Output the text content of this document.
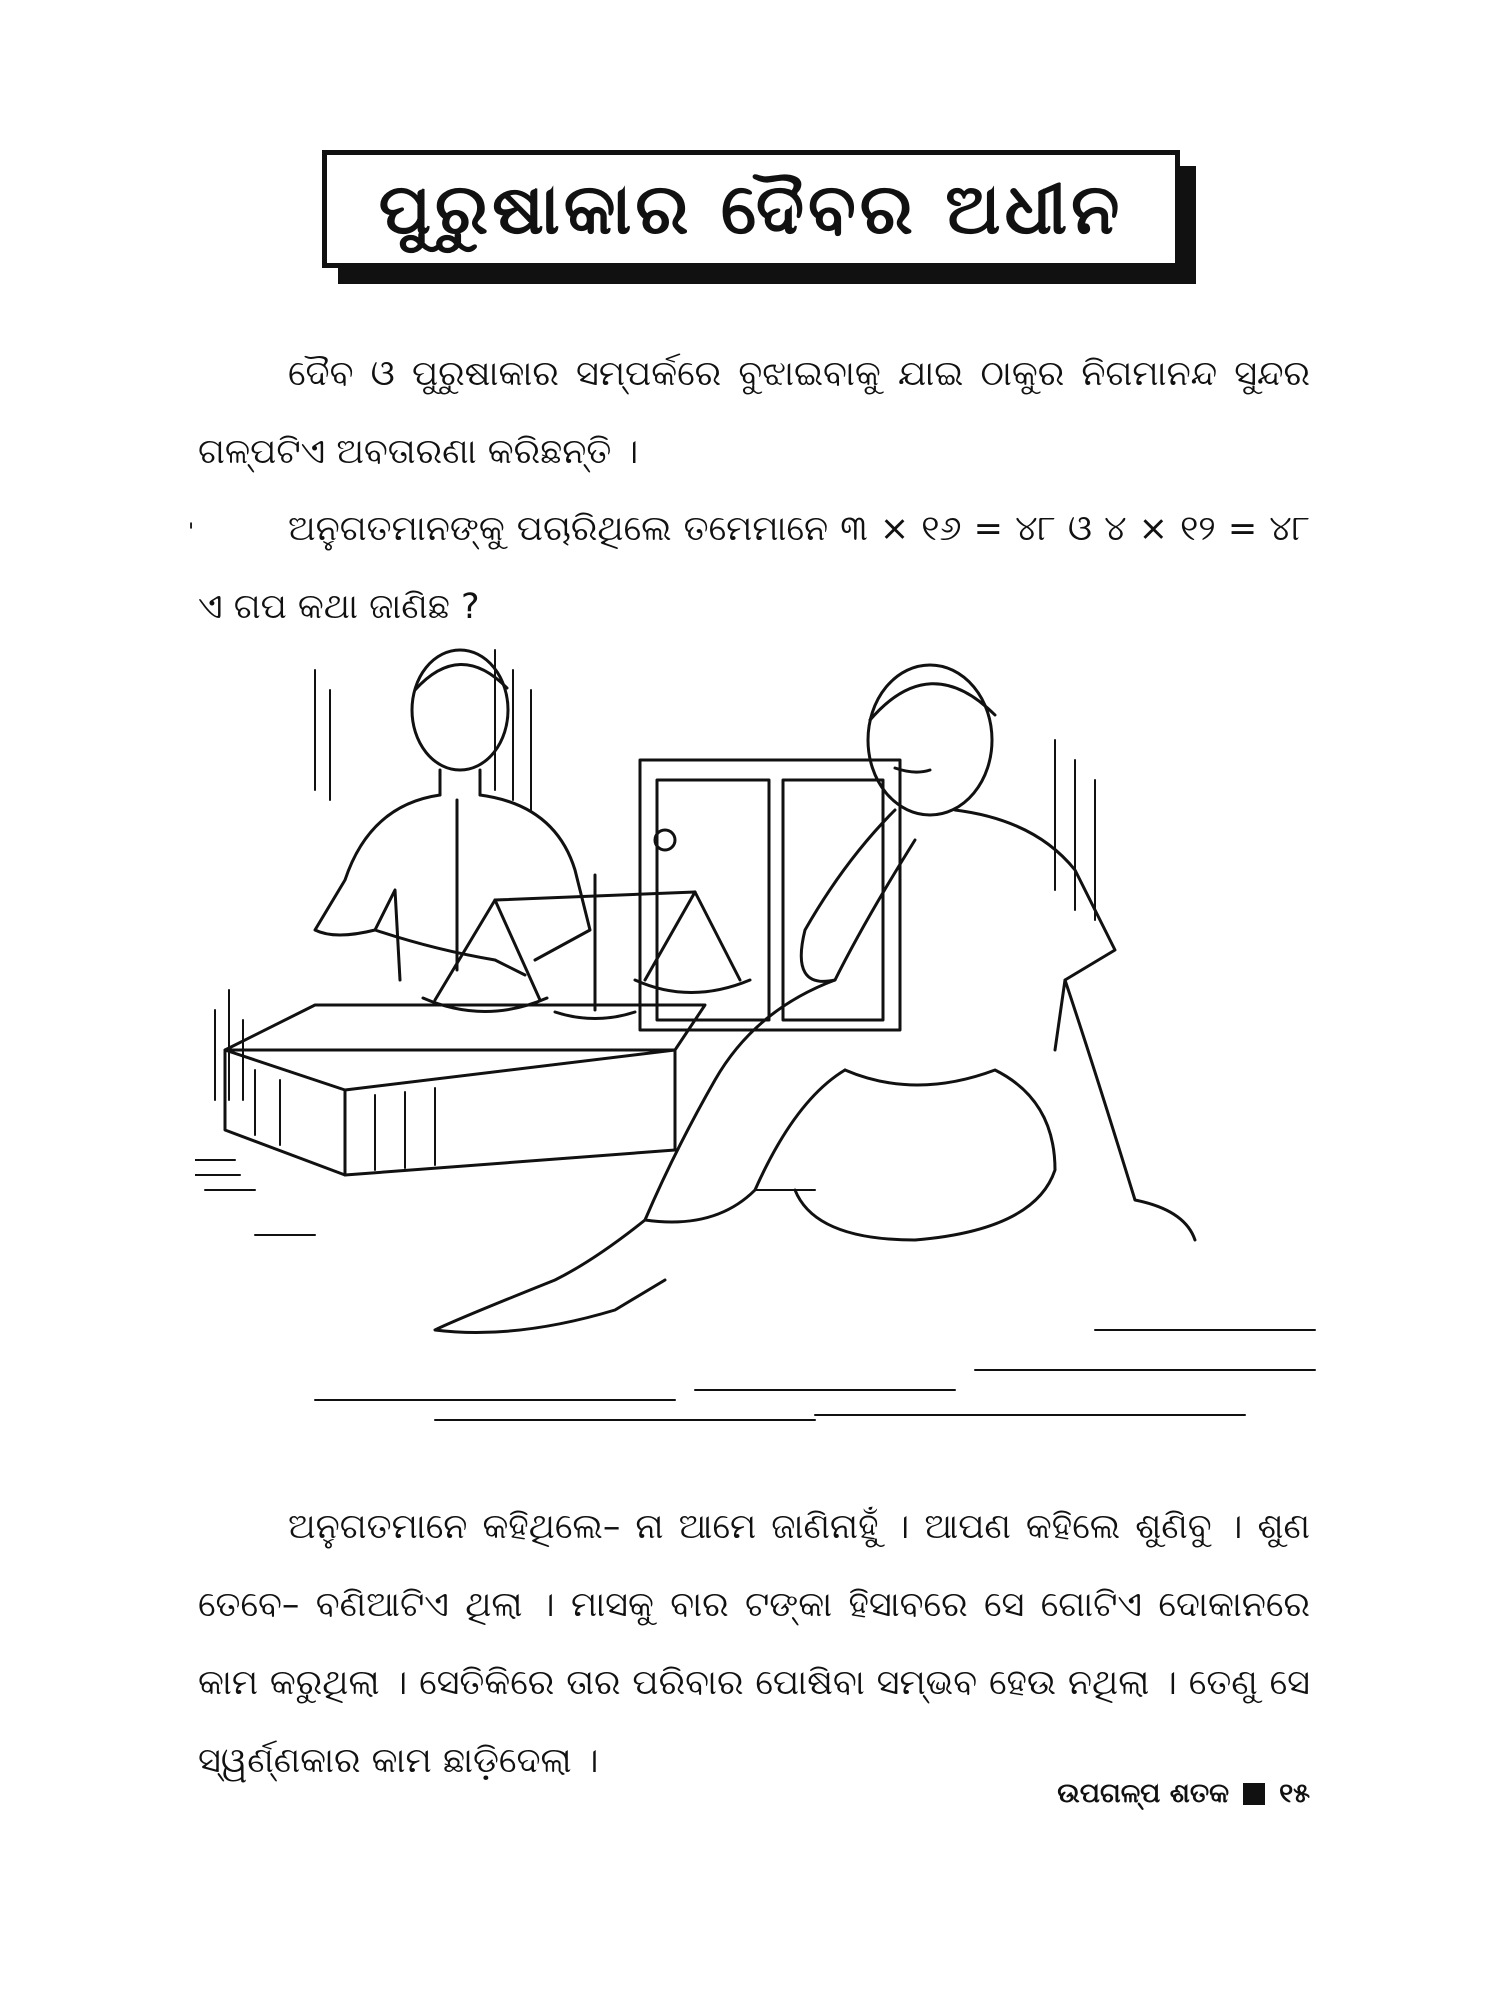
ପୁରୁଷାକାର ଦୈବର ଅଧୀନ

ଦୈବ ଓ ପୁରୁଷାକାର ସମ୍ପର୍କରେ ବୁଝାଇବାକୁ ଯାଇ ଠାକୁର ନିଗମାନନ୍ଦ ସୁନ୍ଦର ଗଳ୍ପଟିଏ ଅବତାରଣା କରିଛନ୍ତି ।

'	ଅନୁଗତମାନଙ୍କୁ ପଚାରିଥିଲେ ତମେମାନେ ୩ × ୧୬ = ୪୮ ଓ ୪ × ୧୨ = ୪୮ ଏ ଗପ କଥା ଜାଣିଛ ?

ଅନୁଗତମାନେ କହିଥିଲେ– ନା ଆମେ ଜାଣିନାହୁଁ । ଆପଣ କହିଲେ ଶୁଣିବୁ । ଶୁଣ ତେବେ– ବଣିଆଟିଏ ଥିଲା । ମାସକୁ ବାର ଟଙ୍କା ହିସାବରେ ସେ ଗୋଟିଏ ଦୋକାନରେ କାମ କରୁଥିଲା । ସେତିକିରେ ତାର ପରିବାର ପୋଷିବା ସମ୍ଭବ ହେଉ ନଥିଲା । ତେଣୁ ସେ ସ୍ୱର୍ଣ୍ଣକାର କାମ ଛାଡ଼ିଦେଲା ।

ଉପଗଳ୍ପ ଶତକ ୧୫
